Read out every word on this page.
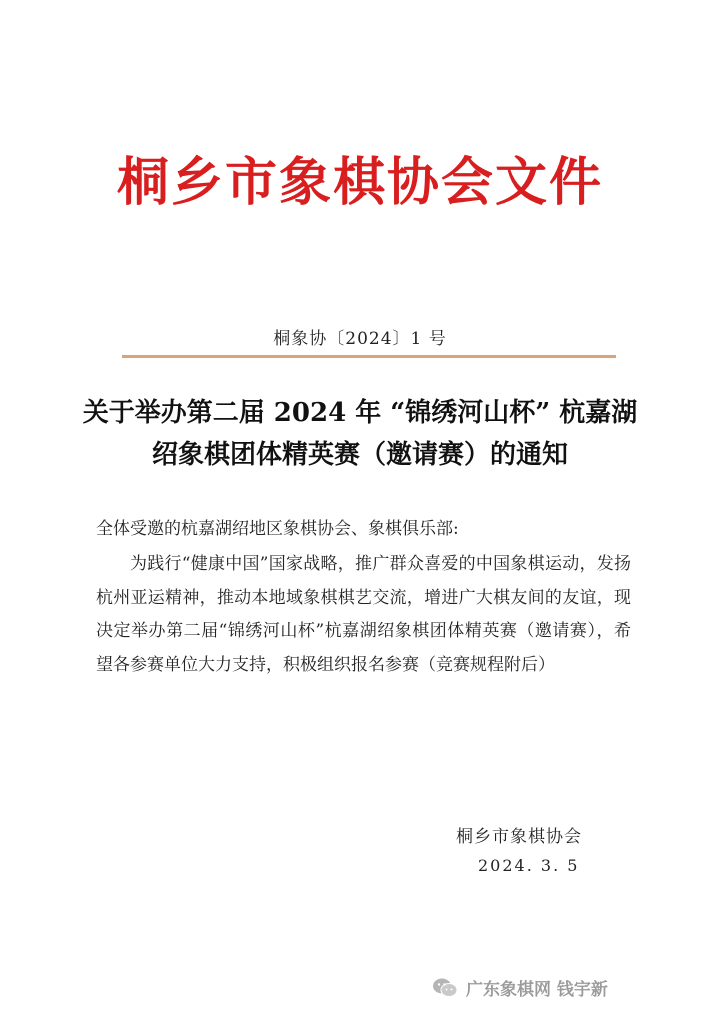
桐乡市象棋协会文件
桐象协〔2024〕1 号
关于举办第二届 2024 年 “锦绣河山杯” 杭嘉湖
绍象棋团体精英赛（邀请赛）的通知
全体受邀的杭嘉湖绍地区象棋协会、象棋俱乐部:
为践行“健康中国”国家战略，推广群众喜爱的中国象棋运动，发扬杭州亚运精神，推动本地域象棋棋艺交流，增进广大棋友间的友谊，现决定举办第二届“锦绣河山杯”杭嘉湖绍象棋团体精英赛（邀请赛），希望各参赛单位大力支持，积极组织报名参赛（竞赛规程附后）
桐乡市象棋协会
2024. 3. 5
广东象棋网 钱宇新
